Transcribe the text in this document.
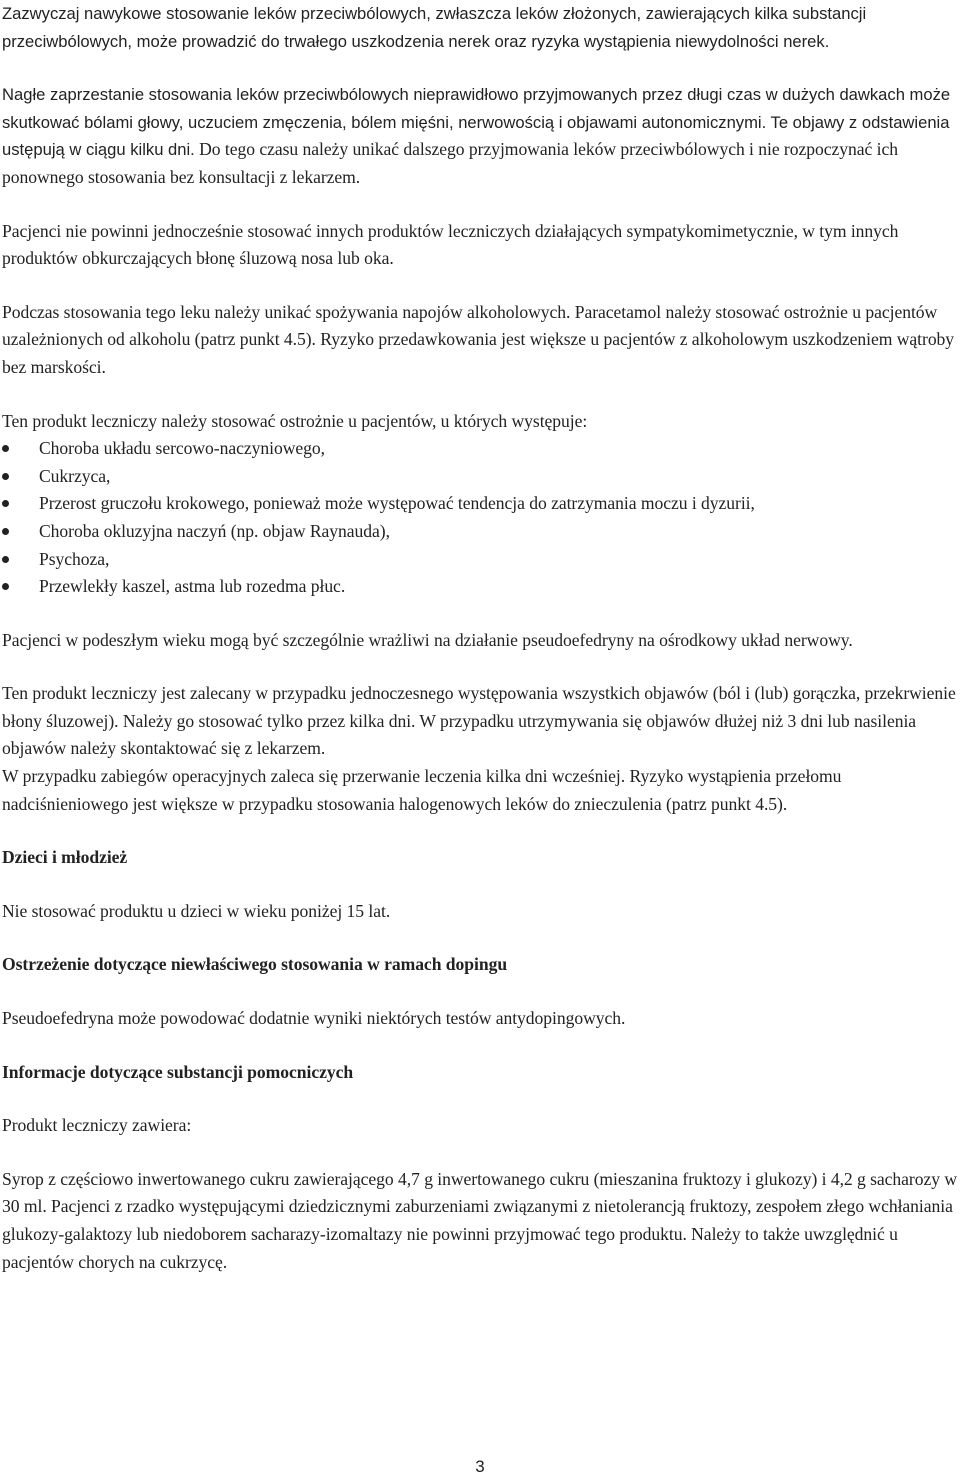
Zazwyczaj nawykowe stosowanie leków przeciwbólowych, zwłaszcza leków złożonych, zawierających kilka substancji przeciwbólowych, może prowadzić do trwałego uszkodzenia nerek oraz ryzyka wystąpienia niewydolności nerek.

Nagłe zaprzestanie stosowania leków przeciwbólowych nieprawidłowo przyjmowanych przez długi czas w dużych dawkach może skutkować bólami głowy, uczuciem zmęczenia, bólem mięśni, nerwowością i objawami autonomicznymi. Te objawy z odstawienia ustępują w ciągu kilku dni. Do tego czasu należy unikać dalszego przyjmowania leków przeciwbólowych i nie rozpoczynać ich ponownego stosowania bez konsultacji z lekarzem.

Pacjenci nie powinni jednocześnie stosować innych produktów leczniczych działających sympatykomimetycznie, w tym innych produktów obkurczających błonę śluzową nosa lub oka.

Podczas stosowania tego leku należy unikać spożywania napojów alkoholowych. Paracetamol należy stosować ostrożnie u pacjentów uzależnionych od alkoholu (patrz punkt 4.5). Ryzyko przedawkowania jest większe u pacjentów z alkoholowym uszkodzeniem wątroby bez marskości.

Ten produkt leczniczy należy stosować ostrożnie u pacjentów, u których występuje:

Choroba układu sercowo-naczyniowego,
Cukrzyca,
Przerost gruczołu krokowego, ponieważ może występować tendencja do zatrzymania moczu i dyzurii,
Choroba okluzyjna naczyń (np. objaw Raynauda),
Psychoza,
Przewlekły kaszel, astma lub rozedma płuc.

Pacjenci w podeszłym wieku mogą być szczególnie wrażliwi na działanie pseudoefedryny na ośrodkowy układ nerwowy.

Ten produkt leczniczy jest zalecany w przypadku jednoczesnego występowania wszystkich objawów (ból i (lub) gorączka, przekrwienie błony śluzowej). Należy go stosować tylko przez kilka dni. W przypadku utrzymywania się objawów dłużej niż 3 dni lub nasilenia objawów należy skontaktować się z lekarzem.

W przypadku zabiegów operacyjnych zaleca się przerwanie leczenia kilka dni wcześniej. Ryzyko wystąpienia przełomu nadciśnieniowego jest większe w przypadku stosowania halogenowych leków do znieczulenia (patrz punkt 4.5).

Dzieci i młodzież

Nie stosować produktu u dzieci w wieku poniżej 15 lat.

Ostrzeżenie dotyczące niewłaściwego stosowania w ramach dopingu

Pseudoefedryna może powodować dodatnie wyniki niektórych testów antydopingowych.

Informacje dotyczące substancji pomocniczych

Produkt leczniczy zawiera:

Syrop z częściowo inwertowanego cukru zawierającego 4,7 g inwertowanego cukru (mieszanina fruktozy i glukozy) i 4,2 g sacharozy w 30 ml. Pacjenci z rzadko występującymi dziedzicznymi zaburzeniami związanymi z nietolerancją fruktozy, zespołem złego wchłaniania glukozy-galaktozy lub niedoborem sacharazy-izomaltazy nie powinni przyjmować tego produktu. Należy to także uwzględnić u pacjentów chorych na cukrzycę.

3
